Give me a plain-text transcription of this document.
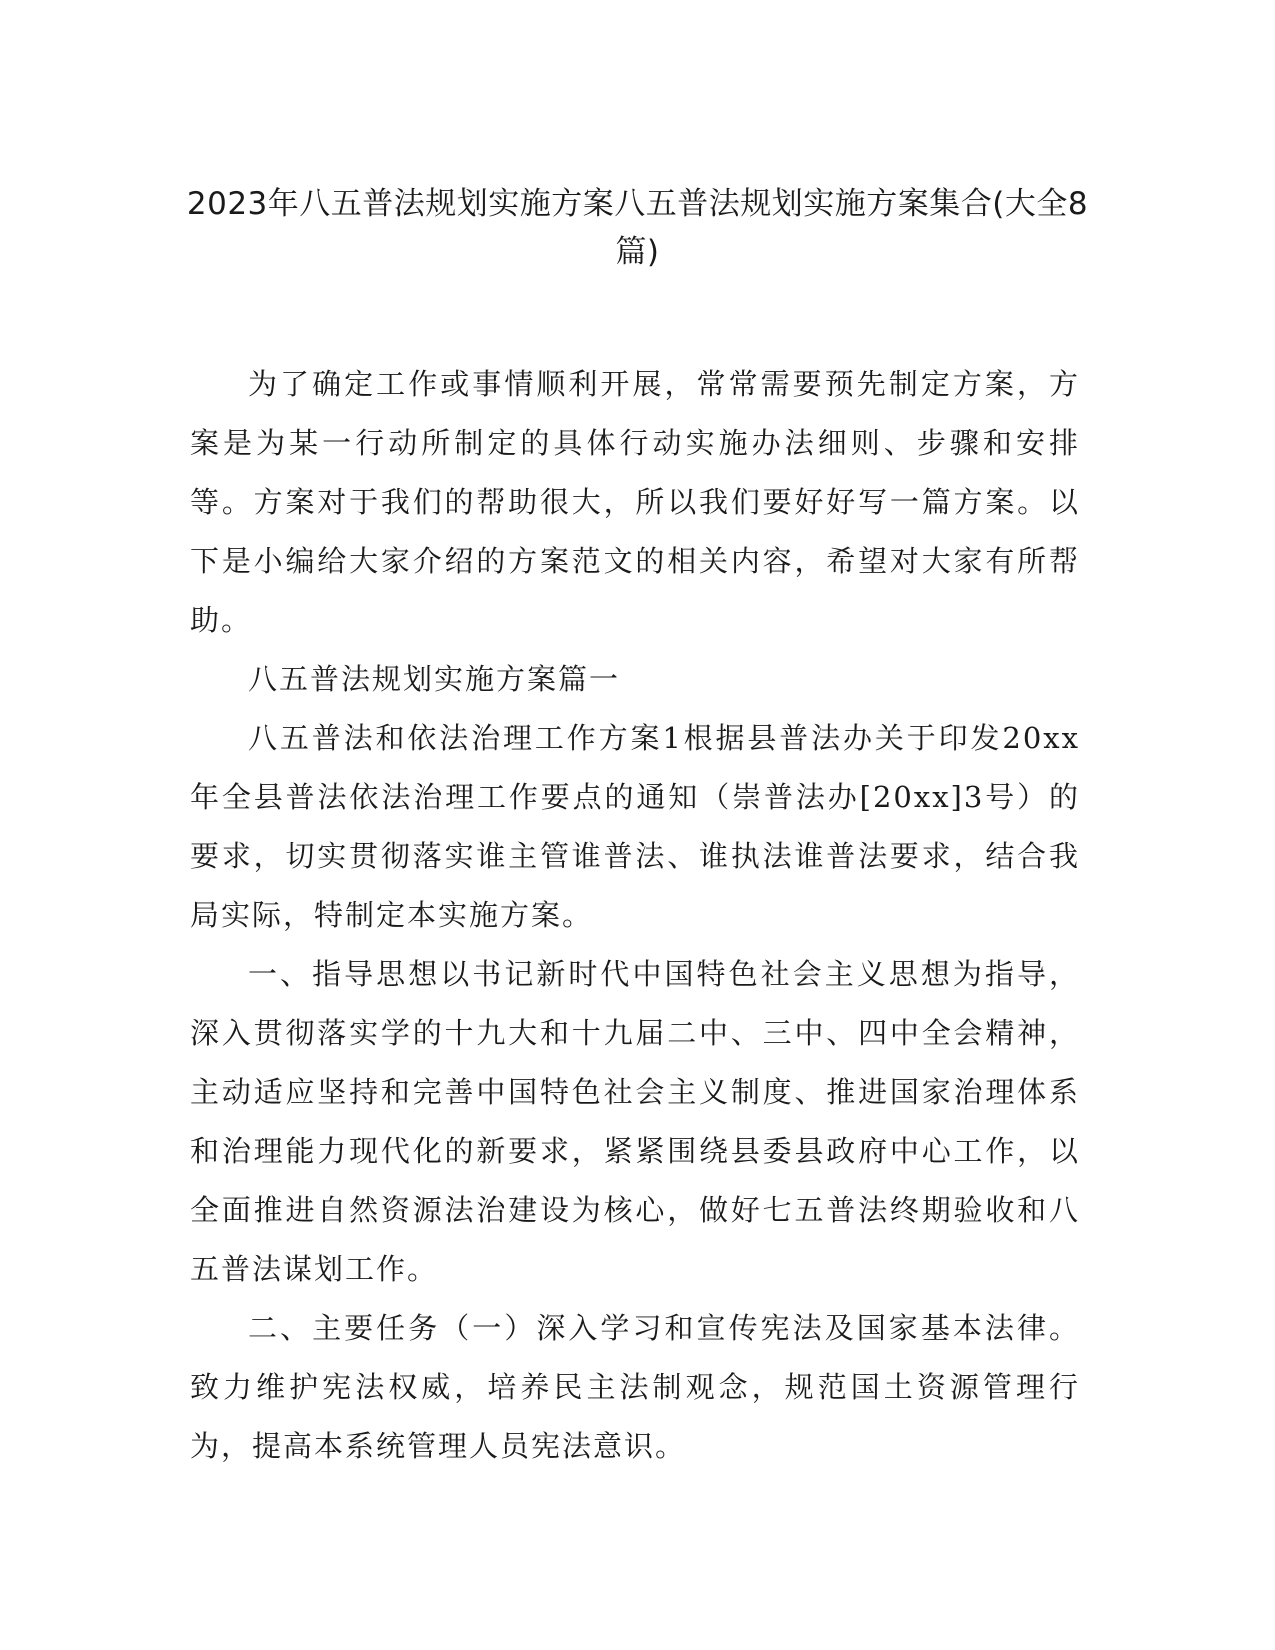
2023年八五普法规划实施方案八五普法规划实施方案集合(大全8篇)

为了确定工作或事情顺利开展，常常需要预先制定方案，方案是为某一行动所制定的具体行动实施办法细则、步骤和安排等。方案对于我们的帮助很大，所以我们要好好写一篇方案。以下是小编给大家介绍的方案范文的相关内容，希望对大家有所帮助。

八五普法规划实施方案篇一

八五普法和依法治理工作方案1根据县普法办关于印发20xx年全县普法依法治理工作要点的通知（崇普法办[20xx]3号）的要求，切实贯彻落实谁主管谁普法、谁执法谁普法要求，结合我局实际，特制定本实施方案。

一、指导思想以书记新时代中国特色社会主义思想为指导，深入贯彻落实学的十九大和十九届二中、三中、四中全会精神，主动适应坚持和完善中国特色社会主义制度、推进国家治理体系和治理能力现代化的新要求，紧紧围绕县委县政府中心工作，以全面推进自然资源法治建设为核心，做好七五普法终期验收和八五普法谋划工作。

二、主要任务（一）深入学习和宣传宪法及国家基本法律。致力维护宪法权威，培养民主法制观念，规范国土资源管理行为，提高本系统管理人员宪法意识。
